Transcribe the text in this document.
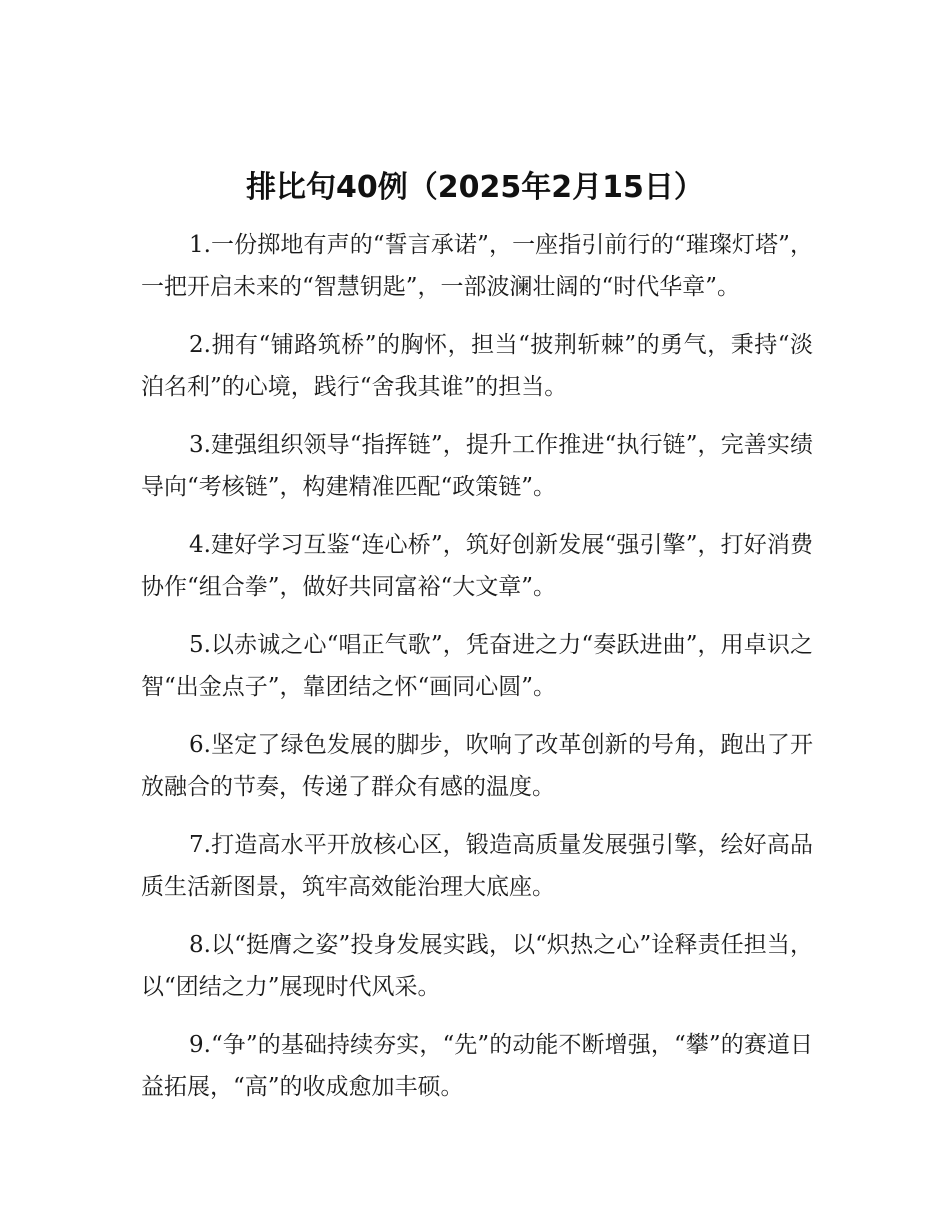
排比句40例（2025年2月15日）

1.一份掷地有声的“誓言承诺”，一座指引前行的“璀璨灯塔”，一把开启未来的“智慧钥匙”，一部波澜壮阔的“时代华章”。

2.拥有“铺路筑桥”的胸怀，担当“披荆斩棘”的勇气，秉持“淡泊名利”的心境，践行“舍我其谁”的担当。

3.建强组织领导“指挥链”，提升工作推进“执行链”，完善实绩导向“考核链”，构建精准匹配“政策链”。

4.建好学习互鉴“连心桥”，筑好创新发展“强引擎”，打好消费协作“组合拳”，做好共同富裕“大文章”。

5.以赤诚之心“唱正气歌”，凭奋进之力“奏跃进曲”，用卓识之智“出金点子”，靠团结之怀“画同心圆”。

6.坚定了绿色发展的脚步，吹响了改革创新的号角，跑出了开放融合的节奏，传递了群众有感的温度。

7.打造高水平开放核心区，锻造高质量发展强引擎，绘好高品质生活新图景，筑牢高效能治理大底座。

8.以“挺膺之姿”投身发展实践，以“炽热之心”诠释责任担当，以“团结之力”展现时代风采。

9.“争”的基础持续夯实，“先”的动能不断增强，“攀”的赛道日益拓展，“高”的收成愈加丰硕。
